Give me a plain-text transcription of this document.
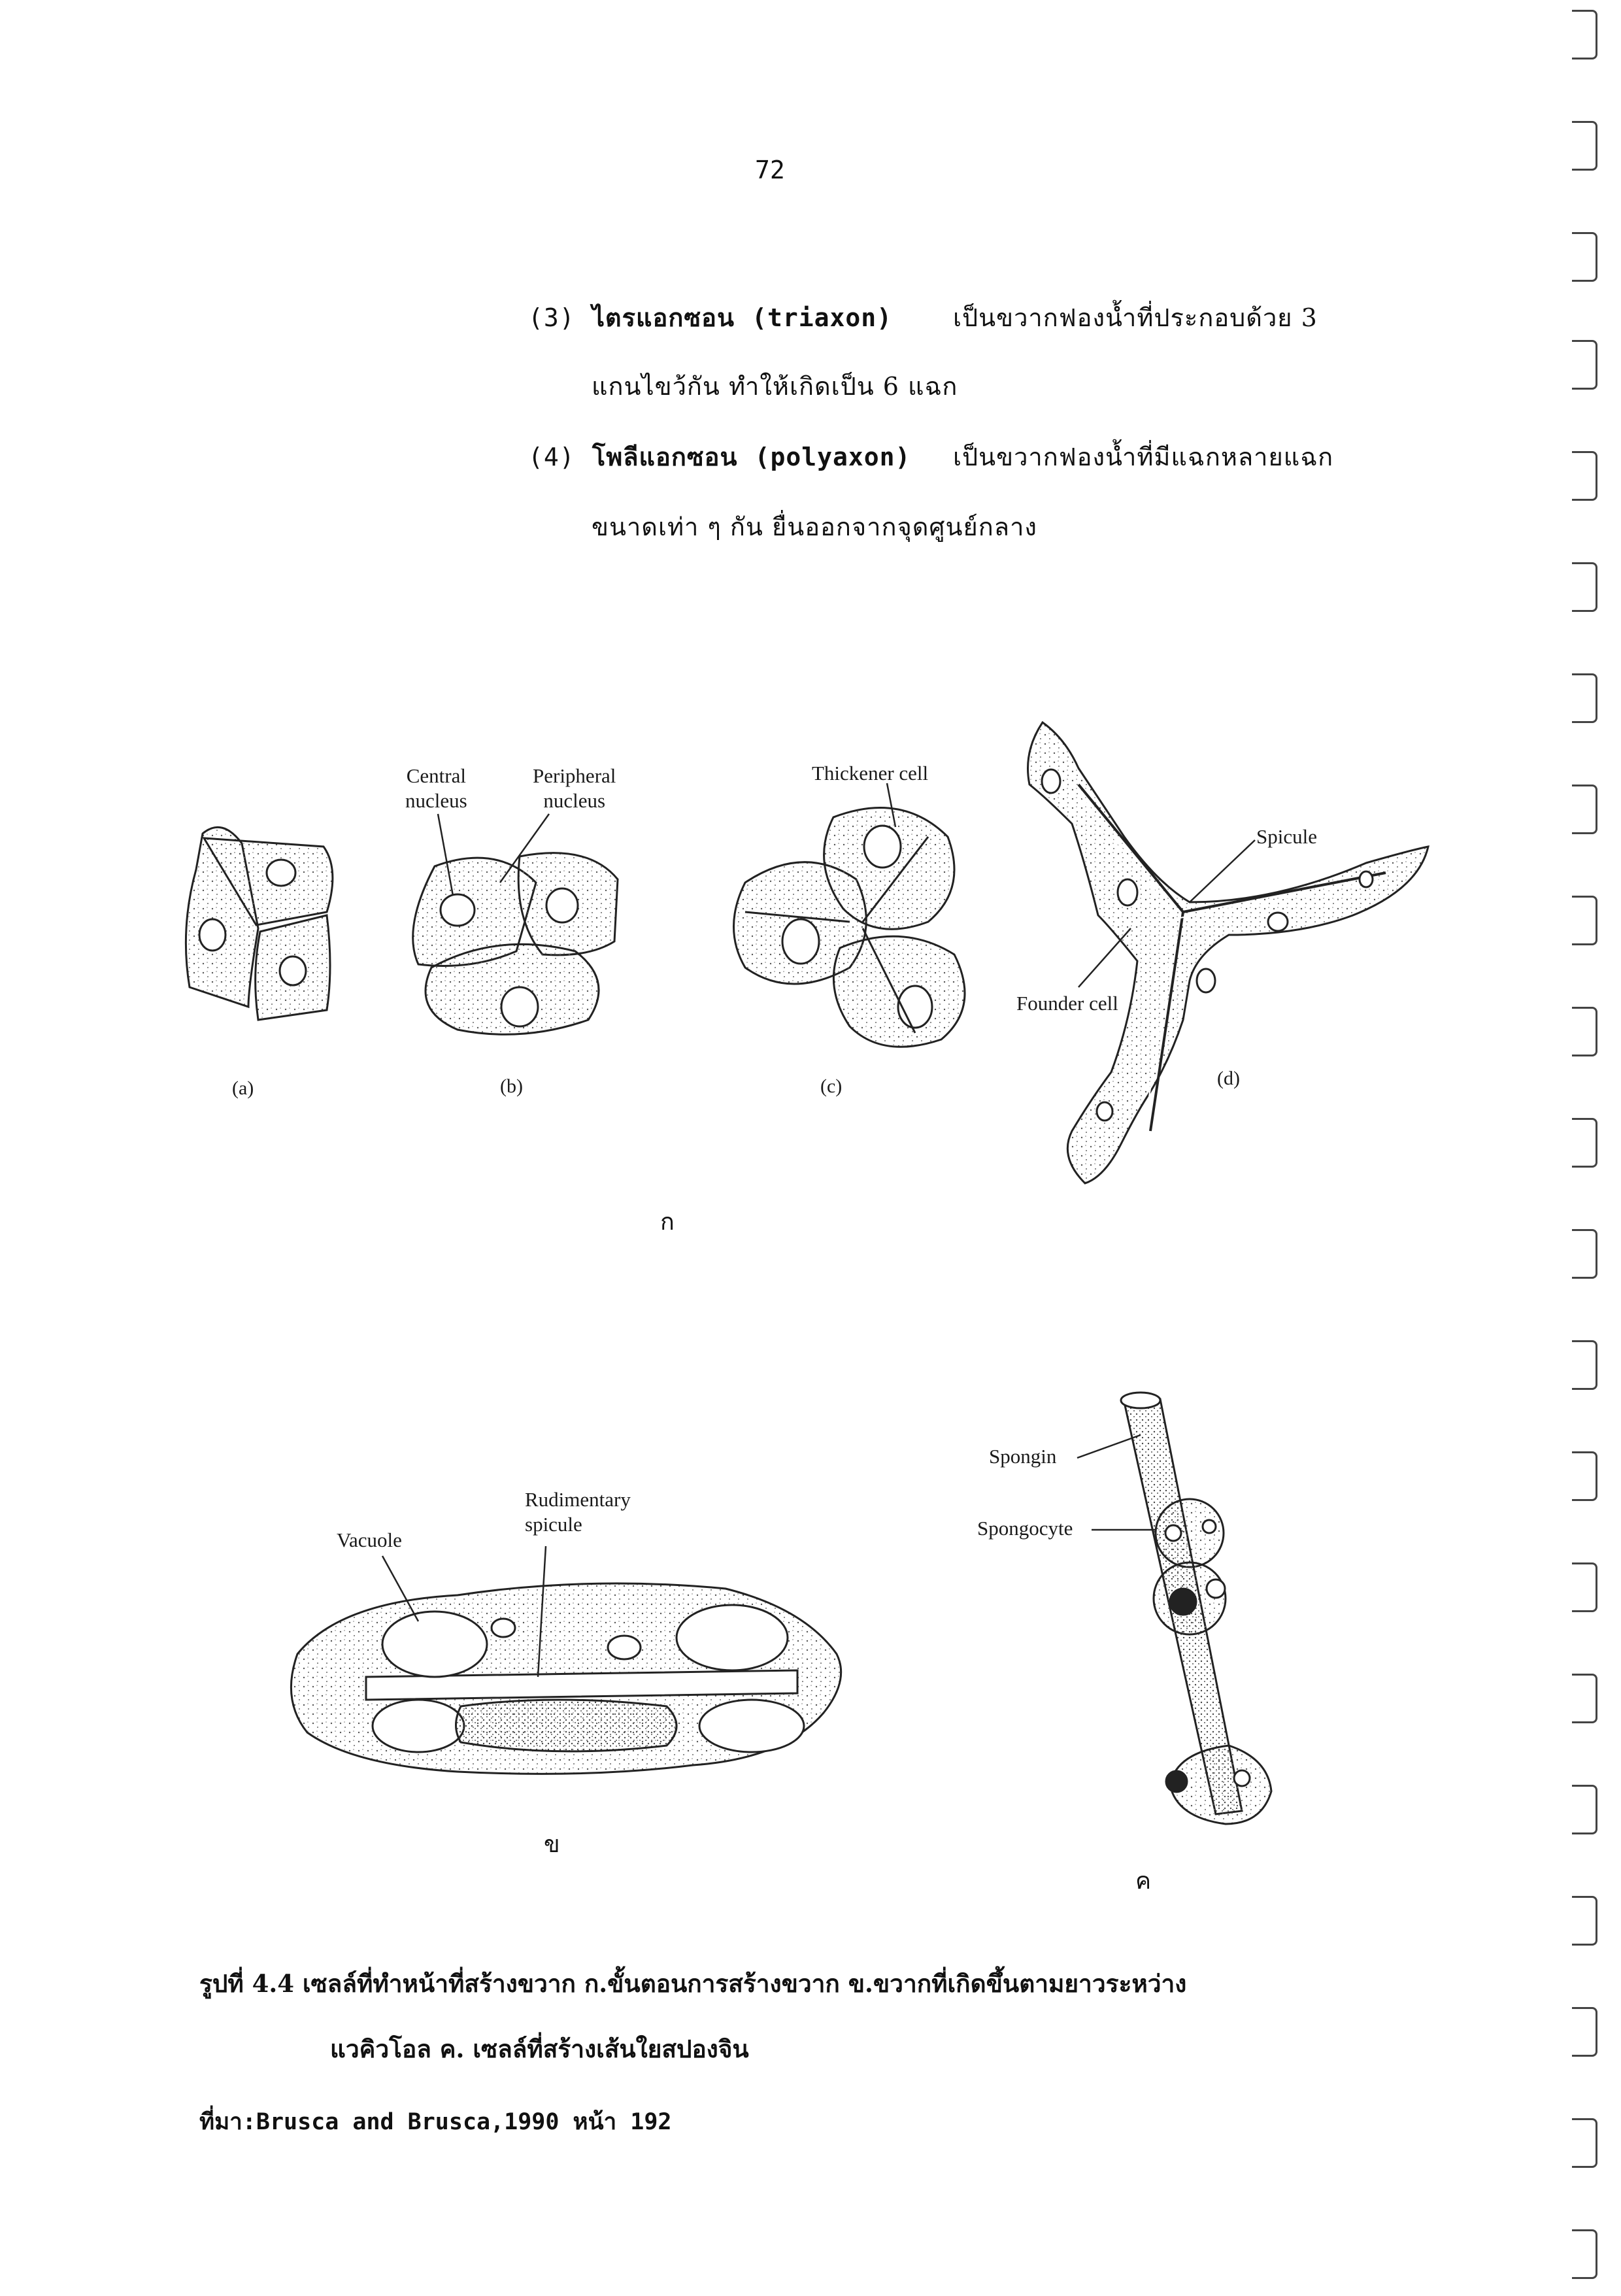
72
(3) ไตรแอกซอน (triaxon) เป็นขวากฟองน้ำที่ประกอบด้วย 3
แกนไขว้กัน ทำให้เกิดเป็น 6 แฉก
(4) โพลีแอกซอน (polyaxon) เป็นขวากฟองน้ำที่มีแฉกหลายแฉก
ขนาดเท่า ๆ กัน ยื่นออกจากจุดศูนย์กลาง
Central
nucleus
Peripheral
nucleus
Thickener cell
Spicule
Founder cell
(a)	(b)	(c)	(d)
ก
Vacuole
Rudimentary
spicule
Spongin
Spongocyte
ข
ค
รูปที่ 4.4 เซลล์ที่ทำหน้าที่สร้างขวาก ก.ขั้นตอนการสร้างขวาก ข.ขวากที่เกิดขึ้นตามยาวระหว่าง
แวคิวโอล ค. เซลล์ที่สร้างเส้นใยสปองจิน
ที่มา:Brusca and Brusca,1990 หน้า 192
